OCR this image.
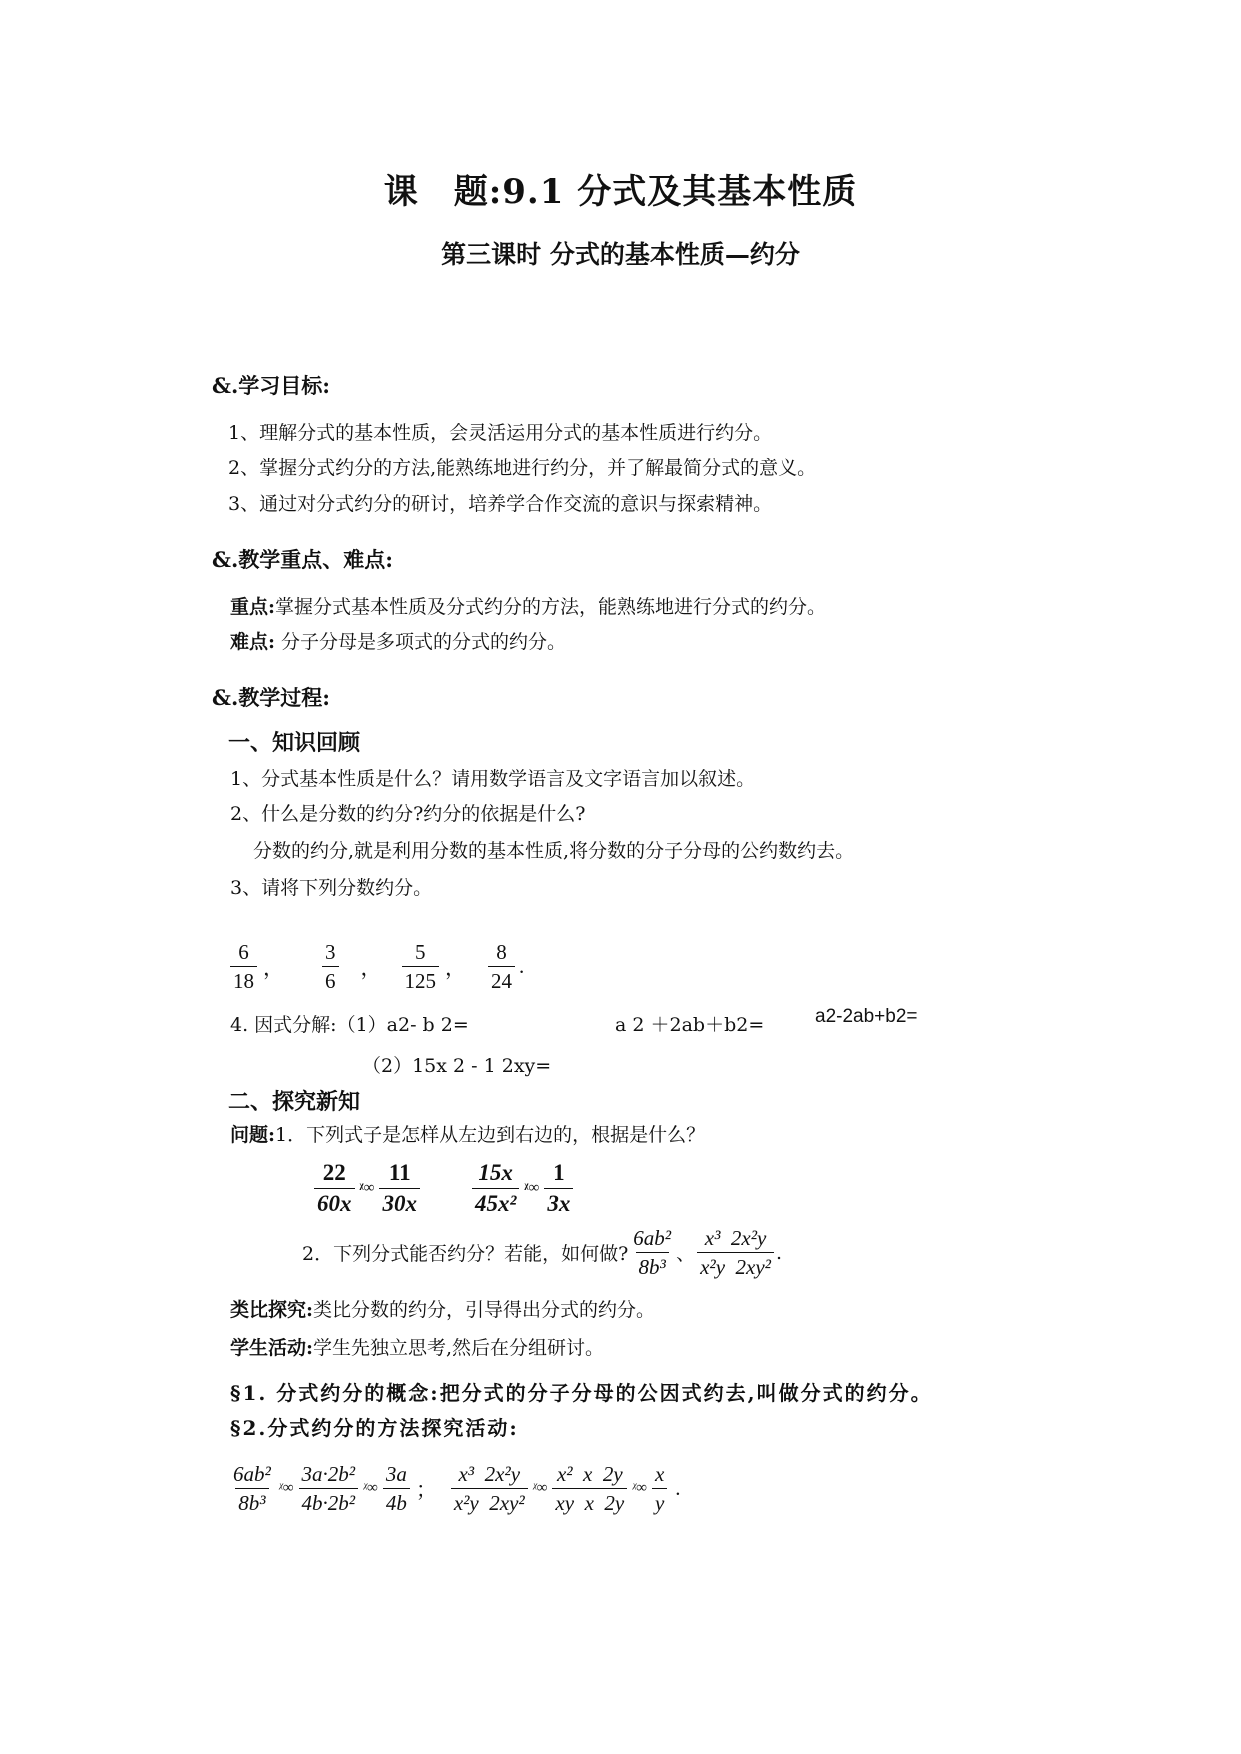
课　题:9.1 分式及其基本性质
第三课时 分式的基本性质—约分
&.学习目标:
1、理解分式的基本性质，会灵活运用分式的基本性质进行约分。
2、掌握分式约分的方法,能熟练地进行约分，并了解最简分式的意义。
3、通过对分式约分的研讨，培养学合作交流的意识与探索精神。
&.教学重点、难点:
重点:掌握分式基本性质及分式约分的方法，能熟练地进行分式的约分。
难点: 分子分母是多项式的分式的约分。
&.教学过程:
一、知识回顾
1、分式基本性质是什么？请用数学语言及文字语言加以叙述。
2、什么是分数的约分?约分的依据是什么?
分数的约分,就是利用分数的基本性质,将分数的分子分母的公约数约去。
3、请将下列分数约分。
$\frac{6}{18}$ ， $\frac{3}{6}$ ， $\frac{5}{125}$ ， $\frac{8}{24}$ .
4. 因式分解:（1）a2- b 2=	a 2 ＋2ab＋b2=	a2-2ab+b2=
（2）15x 2 - 1 2xy=
二、探究新知
问题:1．下列式子是怎样从左边到右边的，根据是什么？
$\frac{22}{60x}$ ᵡ∞ $\frac{11}{30x} \frac{15x}{\text{45x²}}$ ᵡ∞ $\frac{1}{3x}$
2．下列分式能否约分？若能，如何做? $\frac{\text{6ab²}}{\text{8b³}}$ 、 $\frac{\text{x³  2x²y}}{\text{x²y  2xy²}}$ .
类比探究:类比分数的约分，引导得出分式的约分。
学生活动:学生先独立思考,然后在分组研讨。
§1. 分式约分的概念:把分式的分子分母的公因式约去,叫做分式的约分。
§2.分式约分的方法探究活动:
$\frac{\text{6ab²}}{\text{8b³}}$ ᵡ∞ $\frac{\text{3a·2b²}}{\text{4b·2b²}}$ ᵡ∞ $\frac{3a}{4b}$ ； $\frac{\text{x³  2x²y}}{\text{x²y  2xy²}}$ ᵡ∞ $\frac{\text{x²  x  2y}}{\text{xy  x  2y}}$ ᵡ∞ $\frac{x}{y}$ .
